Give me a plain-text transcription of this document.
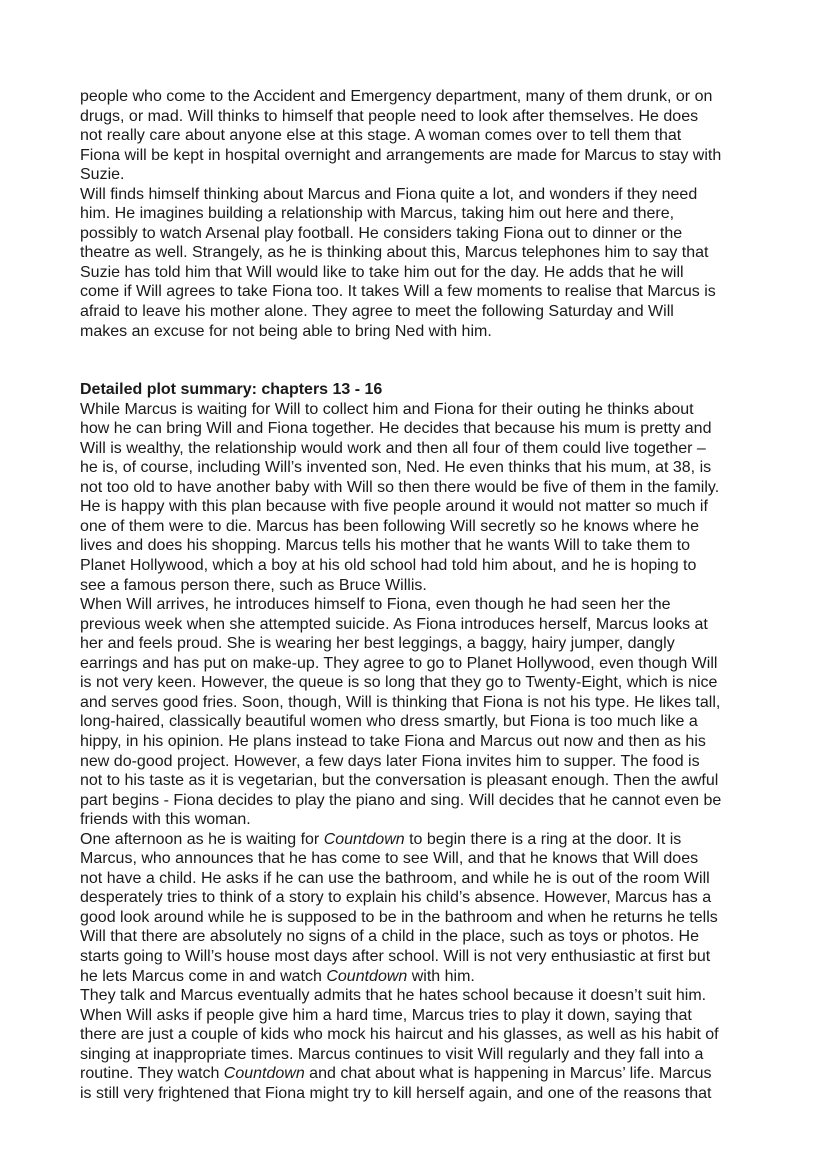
people who come to the Accident and Emergency department, many of them drunk, or on
drugs, or mad. Will thinks to himself that people need to look after themselves. He does
not really care about anyone else at this stage. A woman comes over to tell them that
Fiona will be kept in hospital overnight and arrangements are made for Marcus to stay with
Suzie.
Will finds himself thinking about Marcus and Fiona quite a lot, and wonders if they need
him. He imagines building a relationship with Marcus, taking him out here and there,
possibly to watch Arsenal play football. He considers taking Fiona out to dinner or the
theatre as well. Strangely, as he is thinking about this, Marcus telephones him to say that
Suzie has told him that Will would like to take him out for the day. He adds that he will
come if Will agrees to take Fiona too. It takes Will a few moments to realise that Marcus is
afraid to leave his mother alone. They agree to meet the following Saturday and Will
makes an excuse for not being able to bring Ned with him.
Detailed plot summary: chapters 13 - 16
While Marcus is waiting for Will to collect him and Fiona for their outing he thinks about
how he can bring Will and Fiona together. He decides that because his mum is pretty and
Will is wealthy, the relationship would work and then all four of them could live together –
he is, of course, including Will’s invented son, Ned. He even thinks that his mum, at 38, is
not too old to have another baby with Will so then there would be five of them in the family.
He is happy with this plan because with five people around it would not matter so much if
one of them were to die. Marcus has been following Will secretly so he knows where he
lives and does his shopping. Marcus tells his mother that he wants Will to take them to
Planet Hollywood, which a boy at his old school had told him about, and he is hoping to
see a famous person there, such as Bruce Willis.
When Will arrives, he introduces himself to Fiona, even though he had seen her the
previous week when she attempted suicide. As Fiona introduces herself, Marcus looks at
her and feels proud. She is wearing her best leggings, a baggy, hairy jumper, dangly
earrings and has put on make-up. They agree to go to Planet Hollywood, even though Will
is not very keen. However, the queue is so long that they go to Twenty-Eight, which is nice
and serves good fries. Soon, though, Will is thinking that Fiona is not his type. He likes tall,
long-haired, classically beautiful women who dress smartly, but Fiona is too much like a
hippy, in his opinion. He plans instead to take Fiona and Marcus out now and then as his
new do-good project. However, a few days later Fiona invites him to supper. The food is
not to his taste as it is vegetarian, but the conversation is pleasant enough. Then the awful
part begins - Fiona decides to play the piano and sing. Will decides that he cannot even be
friends with this woman.
One afternoon as he is waiting for Countdown to begin there is a ring at the door. It is
Marcus, who announces that he has come to see Will, and that he knows that Will does
not have a child. He asks if he can use the bathroom, and while he is out of the room Will
desperately tries to think of a story to explain his child’s absence. However, Marcus has a
good look around while he is supposed to be in the bathroom and when he returns he tells
Will that there are absolutely no signs of a child in the place, such as toys or photos. He
starts going to Will’s house most days after school. Will is not very enthusiastic at first but
he lets Marcus come in and watch Countdown with him.
They talk and Marcus eventually admits that he hates school because it doesn’t suit him.
When Will asks if people give him a hard time, Marcus tries to play it down, saying that
there are just a couple of kids who mock his haircut and his glasses, as well as his habit of
singing at inappropriate times. Marcus continues to visit Will regularly and they fall into a
routine. They watch Countdown and chat about what is happening in Marcus’ life. Marcus
is still very frightened that Fiona might try to kill herself again, and one of the reasons that
